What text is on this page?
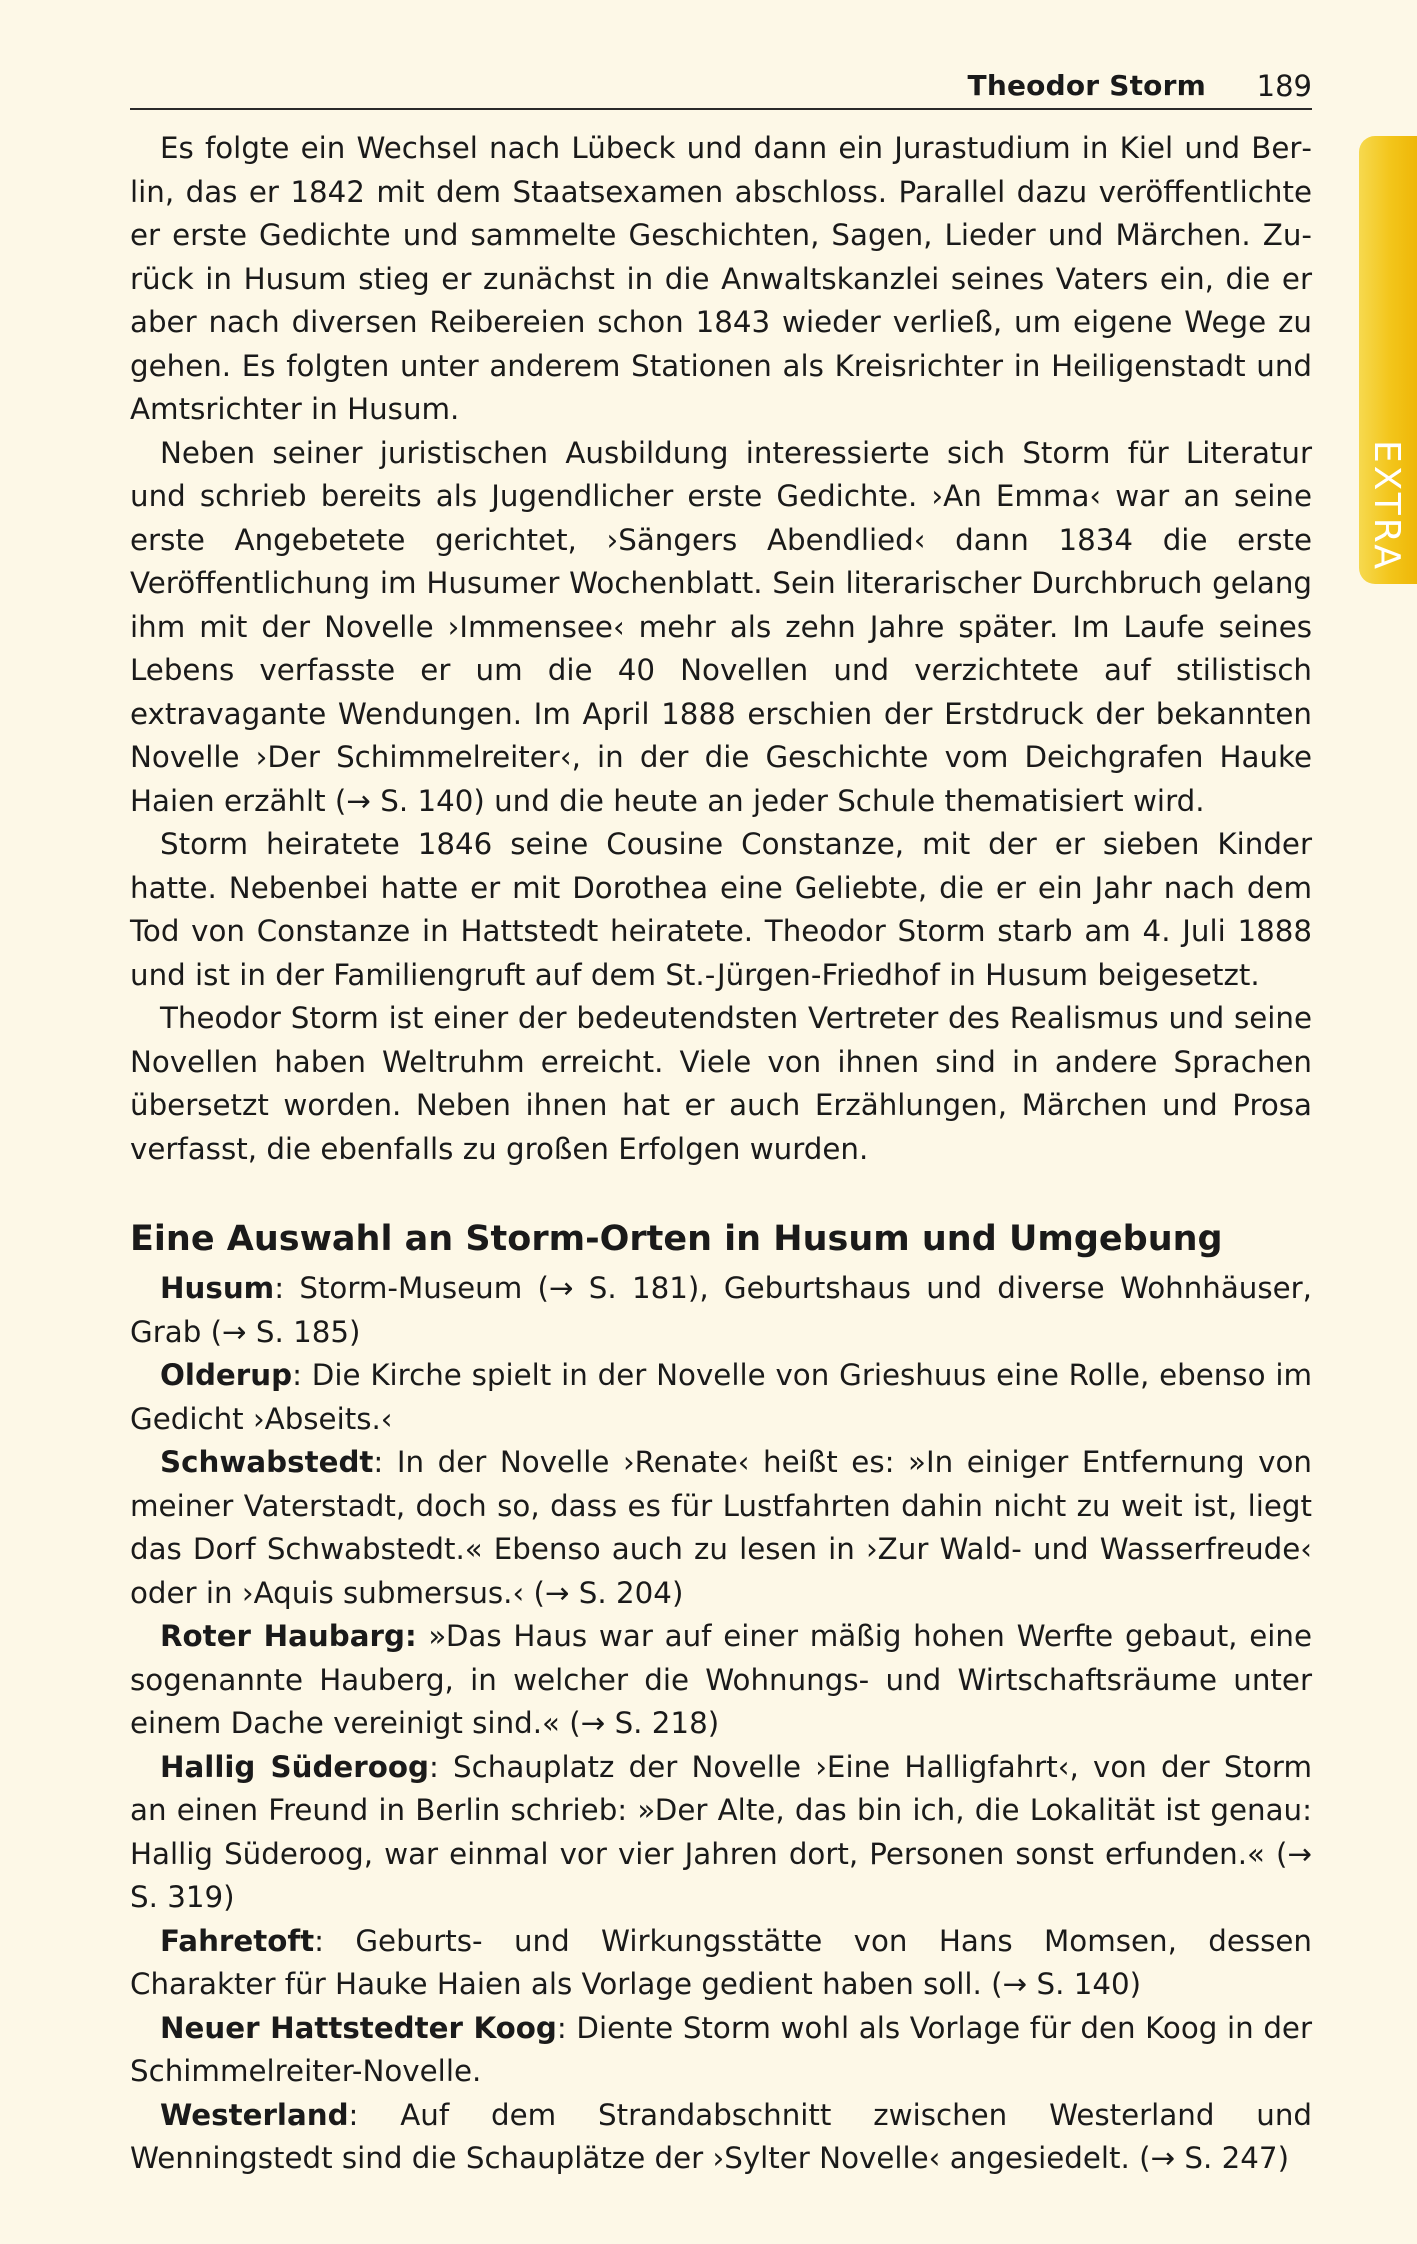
Theodor Storm 189
EXTRA

Es folgte ein Wechsel nach Lübeck und dann ein Jurastudium in Kiel und Berlin, das er 1842 mit dem Staatsexamen abschloss. Parallel dazu veröffentlichte er erste Gedichte und sammelte Geschichten, Sagen, Lieder und Märchen. Zurück in Husum stieg er zunächst in die Anwaltskanzlei seines Vaters ein, die er aber nach diversen Reibereien schon 1843 wieder verließ, um eigene Wege zu gehen. Es folgten unter anderem Stationen als Kreisrichter in Heiligenstadt und Amtsrichter in Husum.

Neben seiner juristischen Ausbildung interessierte sich Storm für Literatur und schrieb bereits als Jugendlicher erste Gedichte. ›An Emma‹ war an seine erste Angebetete gerichtet, ›Sängers Abendlied‹ dann 1834 die erste Veröffentlichung im Husumer Wochenblatt. Sein literarischer Durchbruch gelang ihm mit der Novelle ›Immensee‹ mehr als zehn Jahre später. Im Laufe seines Lebens verfasste er um die 40 Novellen und verzichtete auf stilistisch extravagante Wendungen. Im April 1888 erschien der Erstdruck der bekannten Novelle ›Der Schimmelreiter‹, in der die Geschichte vom Deichgrafen Hauke Haien erzählt (→ S. 140) und die heute an jeder Schule thematisiert wird.

Storm heiratete 1846 seine Cousine Constanze, mit der er sieben Kinder hatte. Nebenbei hatte er mit Dorothea eine Geliebte, die er ein Jahr nach dem Tod von Constanze in Hattstedt heiratete. Theodor Storm starb am 4. Juli 1888 und ist in der Familiengruft auf dem St.-Jürgen-Friedhof in Husum beigesetzt.

Theodor Storm ist einer der bedeutendsten Vertreter des Realismus und seine Novellen haben Weltruhm erreicht. Viele von ihnen sind in andere Sprachen übersetzt worden. Neben ihnen hat er auch Erzählungen, Märchen und Prosa verfasst, die ebenfalls zu großen Erfolgen wurden.

Eine Auswahl an Storm-Orten in Husum und Umgebung

Husum: Storm-Museum (→ S. 181), Geburtshaus und diverse Wohnhäuser, Grab (→ S. 185)

Olderup: Die Kirche spielt in der Novelle von Grieshuus eine Rolle, ebenso im Gedicht ›Abseits.‹

Schwabstedt: In der Novelle ›Renate‹ heißt es: »In einiger Entfernung von meiner Vaterstadt, doch so, dass es für Lustfahrten dahin nicht zu weit ist, liegt das Dorf Schwabstedt.« Ebenso auch zu lesen in ›Zur Wald- und Wasserfreude‹ oder in ›Aquis submersus.‹ (→ S. 204)

Roter Haubarg: »Das Haus war auf einer mäßig hohen Werfte gebaut, eine sogenannte Hauberg, in welcher die Wohnungs- und Wirtschaftsräume unter einem Dache vereinigt sind.« (→ S. 218)

Hallig Süderoog: Schauplatz der Novelle ›Eine Halligfahrt‹, von der Storm an einen Freund in Berlin schrieb: »Der Alte, das bin ich, die Lokalität ist genau: Hallig Süderoog, war einmal vor vier Jahren dort, Personen sonst erfunden.« (→ S. 319)

Fahretoft: Geburts- und Wirkungsstätte von Hans Momsen, dessen Charakter für Hauke Haien als Vorlage gedient haben soll. (→ S. 140)

Neuer Hattstedter Koog: Diente Storm wohl als Vorlage für den Koog in der Schimmelreiter-Novelle.

Westerland: Auf dem Strandabschnitt zwischen Westerland und Wenningstedt sind die Schauplätze der ›Sylter Novelle‹ angesiedelt. (→ S. 247)
